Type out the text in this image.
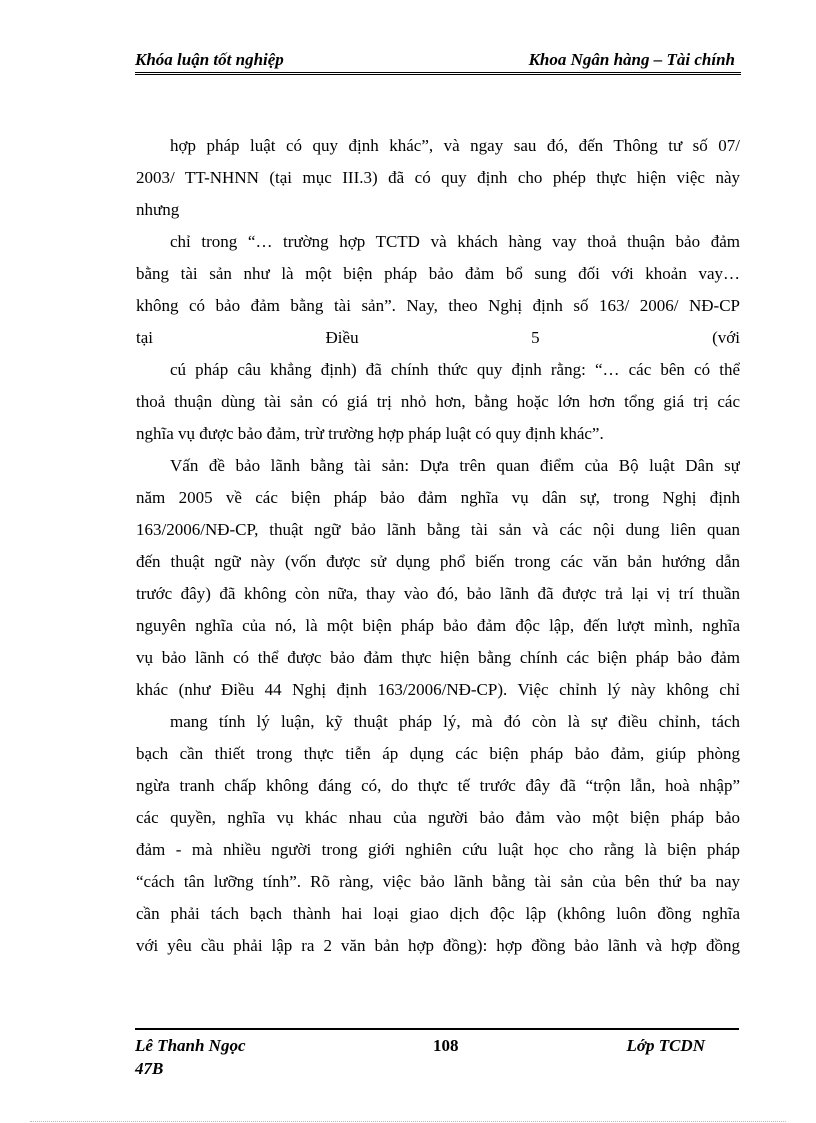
Khóa luận tốt nghiệp	Khoa Ngân hàng – Tài chính
hợp pháp luật có quy định khác”, và ngay sau đó, đến Thông tư số 07/
2003/ TT-NHNN (tại mục III.3) đã có quy định cho phép thực hiện việc này
nhưng
chỉ trong “… trường hợp TCTD và khách hàng vay thoả thuận bảo đảm
bằng tài sản như là một biện pháp bảo đảm bổ sung đối với khoản vay…
không có bảo đảm bằng tài sản”. Nay, theo Nghị định số 163/ 2006/ NĐ-CP
tại Điều 5 (với
cú pháp câu khẳng định) đã chính thức quy định rằng: “… các bên có thể
thoả thuận dùng tài sản có giá trị nhỏ hơn, bằng hoặc lớn hơn tổng giá trị các
nghĩa vụ được bảo đảm, trừ trường hợp pháp luật có quy định khác”.
Vấn đề bảo lãnh bằng tài sản: Dựa trên quan điểm của Bộ luật Dân sự
năm 2005 về các biện pháp bảo đảm nghĩa vụ dân sự, trong Nghị định
163/2006/NĐ-CP, thuật ngữ bảo lãnh bằng tài sản và các nội dung liên quan
đến thuật ngữ này (vốn được sử dụng phổ biến trong các văn bản hướng dẫn
trước đây) đã không còn nữa, thay vào đó, bảo lãnh đã được trả lại vị trí thuần
nguyên nghĩa của nó, là một biện pháp bảo đảm độc lập, đến lượt mình, nghĩa
vụ bảo lãnh có thể được bảo đảm thực hiện bằng chính các biện pháp bảo đảm
khác (như Điều 44 Nghị định 163/2006/NĐ-CP). Việc chỉnh lý này không chỉ
mang tính lý luận, kỹ thuật pháp lý, mà đó còn là sự điều chỉnh, tách
bạch cần thiết trong thực tiễn áp dụng các biện pháp bảo đảm, giúp phòng
ngừa tranh chấp không đáng có, do thực tế trước đây đã “trộn lẫn, hoà nhập”
các quyền, nghĩa vụ khác nhau của người bảo đảm vào một biện pháp bảo
đảm - mà nhiều người trong giới nghiên cứu luật học cho rằng là biện pháp
“cách tân lưỡng tính”. Rõ ràng, việc bảo lãnh bằng tài sản của bên thứ ba nay
cần phải tách bạch thành hai loại giao dịch độc lập (không luôn đồng nghĩa
với yêu cầu phải lập ra 2 văn bản hợp đồng): hợp đồng bảo lãnh và hợp đồng
Lê Thanh Ngọc
47B
108	Lớp TCDN
